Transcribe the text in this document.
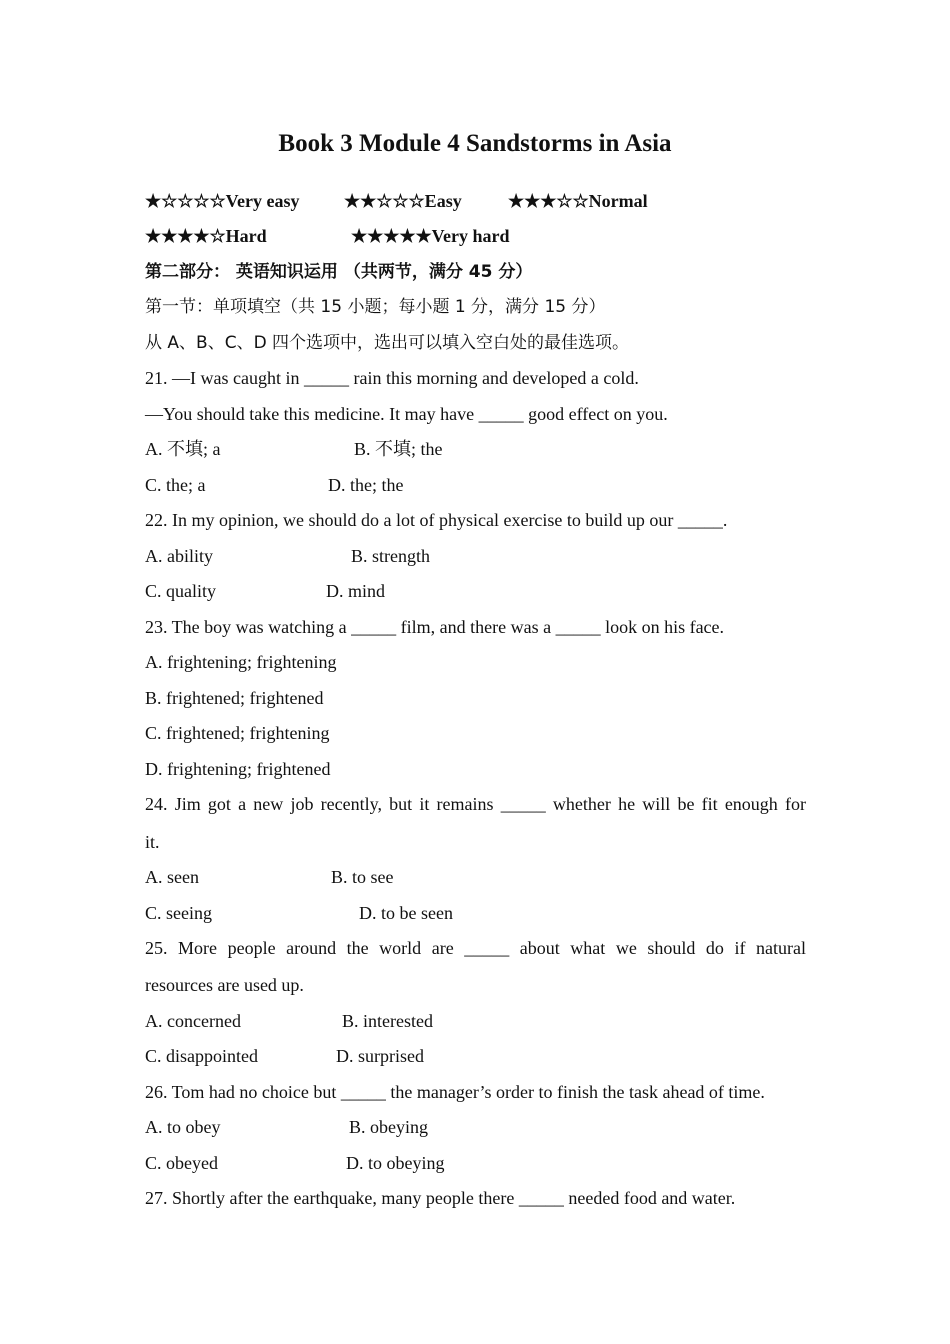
Book 3 Module 4 Sandstorms in Asia
★☆☆☆☆Very easy ★★☆☆☆Easy	★★★☆☆Normal
★★★★☆Hard	★★★★★Very hard
第二部分： 英语知识运用 （共两节，满分 45 分）
第一节：单项填空（共 15 小题；每小题 1 分，满分 15 分）
从 A、B、C、D 四个选项中，选出可以填入空白处的最佳选项。
21. —I was caught in _____ rain this morning and developed a cold.
—You should take this medicine. It may have _____ good effect on you.
A. 不填; a	B. 不填; the
C. the; a	D. the; the
22. In my opinion, we should do a lot of physical exercise to build up our _____.
A. ability	B. strength
C. quality	D. mind
23. The boy was watching a _____ film, and there was a _____ look on his face.
A. frightening; frightening
B. frightened; frightened
C. frightened; frightening
D. frightening; frightened
24. Jim got a new job recently, but it remains _____ whether he will be fit enough for
it.
A. seen	B. to see
C. seeing	D. to be seen
25. More people around the world are _____ about what we should do if natural
resources are used up.
A. concerned	B. interested
C. disappointed	D. surprised
26. Tom had no choice but _____ the manager’s order to finish the task ahead of time.
A. to obey	B. obeying
C. obeyed	D. to obeying
27. Shortly after the earthquake, many people there _____ needed food and water.
